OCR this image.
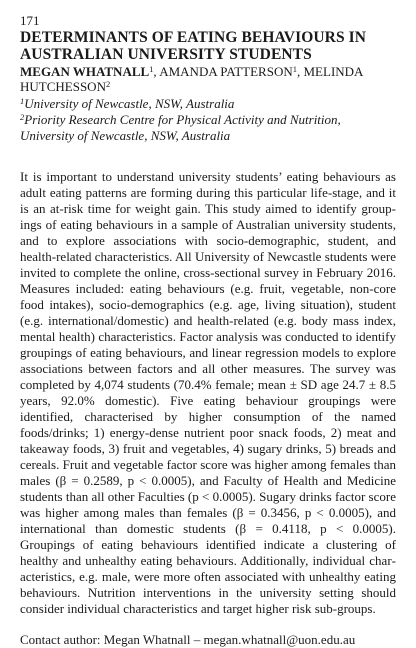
171
DETERMINANTS OF EATING BEHAVIOURS IN AUSTRALIAN UNIVERSITY STUDENTS
MEGAN WHATNALL$^1$, AMANDA PATTERSON$^1$, MELINDA HUTCHESSON$^2$
$^1$University of Newcastle, NSW, Australia
$^2$Priority Research Centre for Physical Activity and Nutrition, University of Newcastle, NSW, Australia

It is important to understand university students’ eating behaviours as adult eating patterns are forming during this particular life-stage, and it is an at-risk time for weight gain. This study aimed to identify groupings of eating behaviours in a sample of Australian university students, and to explore associations with socio-demographic, student, and health-related characteristics. All University of Newcastle students were invited to complete the online, cross-sectional survey in February 2016. Measures included: eating behaviours (e.g. fruit, vegetable, non-core food intakes), socio-demographics (e.g. age, living situation), student (e.g. international/domestic) and health-related (e.g. body mass index, mental health) characteristics. Factor analysis was conducted to identify groupings of eating behaviours, and linear regression models to explore associations between factors and all other measures. The survey was completed by 4,074 students (70.4% female; mean ± SD age 24.7 ± 8.5 years, 92.0% domestic). Five eating behaviour groupings were identified, characterised by higher consumption of the named foods/drinks; 1) energy-dense nutrient poor snack foods, 2) meat and takeaway foods, 3) fruit and vegetables, 4) sugary drinks, 5) breads and cereals. Fruit and vegetable factor score was higher among females than males (β = 0.2589, p < 0.0005), and Faculty of Health and Medicine students than all other Faculties (p < 0.0005). Sugary drinks factor score was higher among males than females (β = 0.3456, p < 0.0005), and international than domestic students (β = 0.4118, p < 0.0005). Groupings of eating behaviours identified indicate a clustering of healthy and unhealthy eating behaviours. Additionally, individual characteristics, e.g. male, were more often associated with unhealthy eating behaviours. Nutrition interventions in the university setting should consider individual characteristics and target higher risk sub-groups.

Contact author: Megan Whatnall – megan.whatnall@uon.edu.au
